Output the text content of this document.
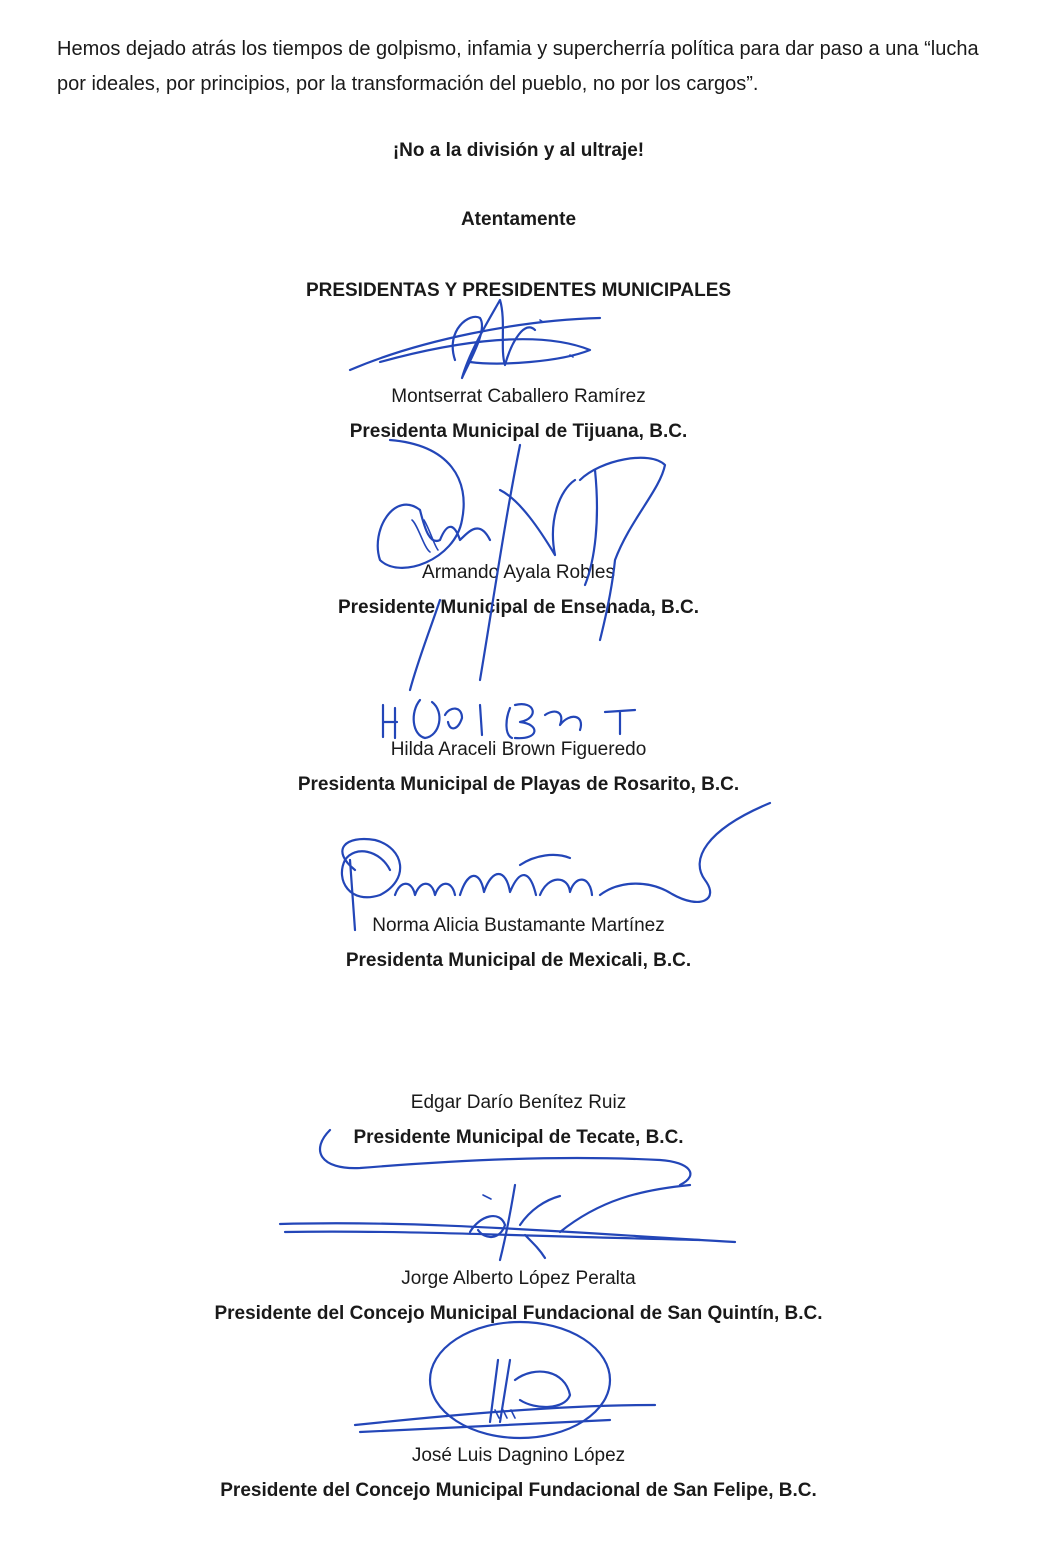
Hemos dejado atrás los tiempos de golpismo, infamia y supercherría política para dar paso a una “lucha por ideales, por principios, por la transformación del pueblo, no por los cargos”.

¡No a la división y al ultraje!

Atentamente

PRESIDENTAS Y PRESIDENTES MUNICIPALES

Montserrat Caballero Ramírez

Presidenta Municipal de Tijuana, B.C.

Armando Ayala Robles

Presidente Municipal de Ensenada, B.C.

Hilda Araceli Brown Figueredo

Presidenta Municipal de Playas de Rosarito, B.C.

Norma Alicia Bustamante Martínez

Presidenta Municipal de Mexicali, B.C.

Edgar Darío Benítez Ruiz

Presidente Municipal de Tecate, B.C.

Jorge Alberto López Peralta

Presidente del Concejo Municipal Fundacional de San Quintín, B.C.

José Luis Dagnino López

Presidente del Concejo Municipal Fundacional de San Felipe, B.C.
